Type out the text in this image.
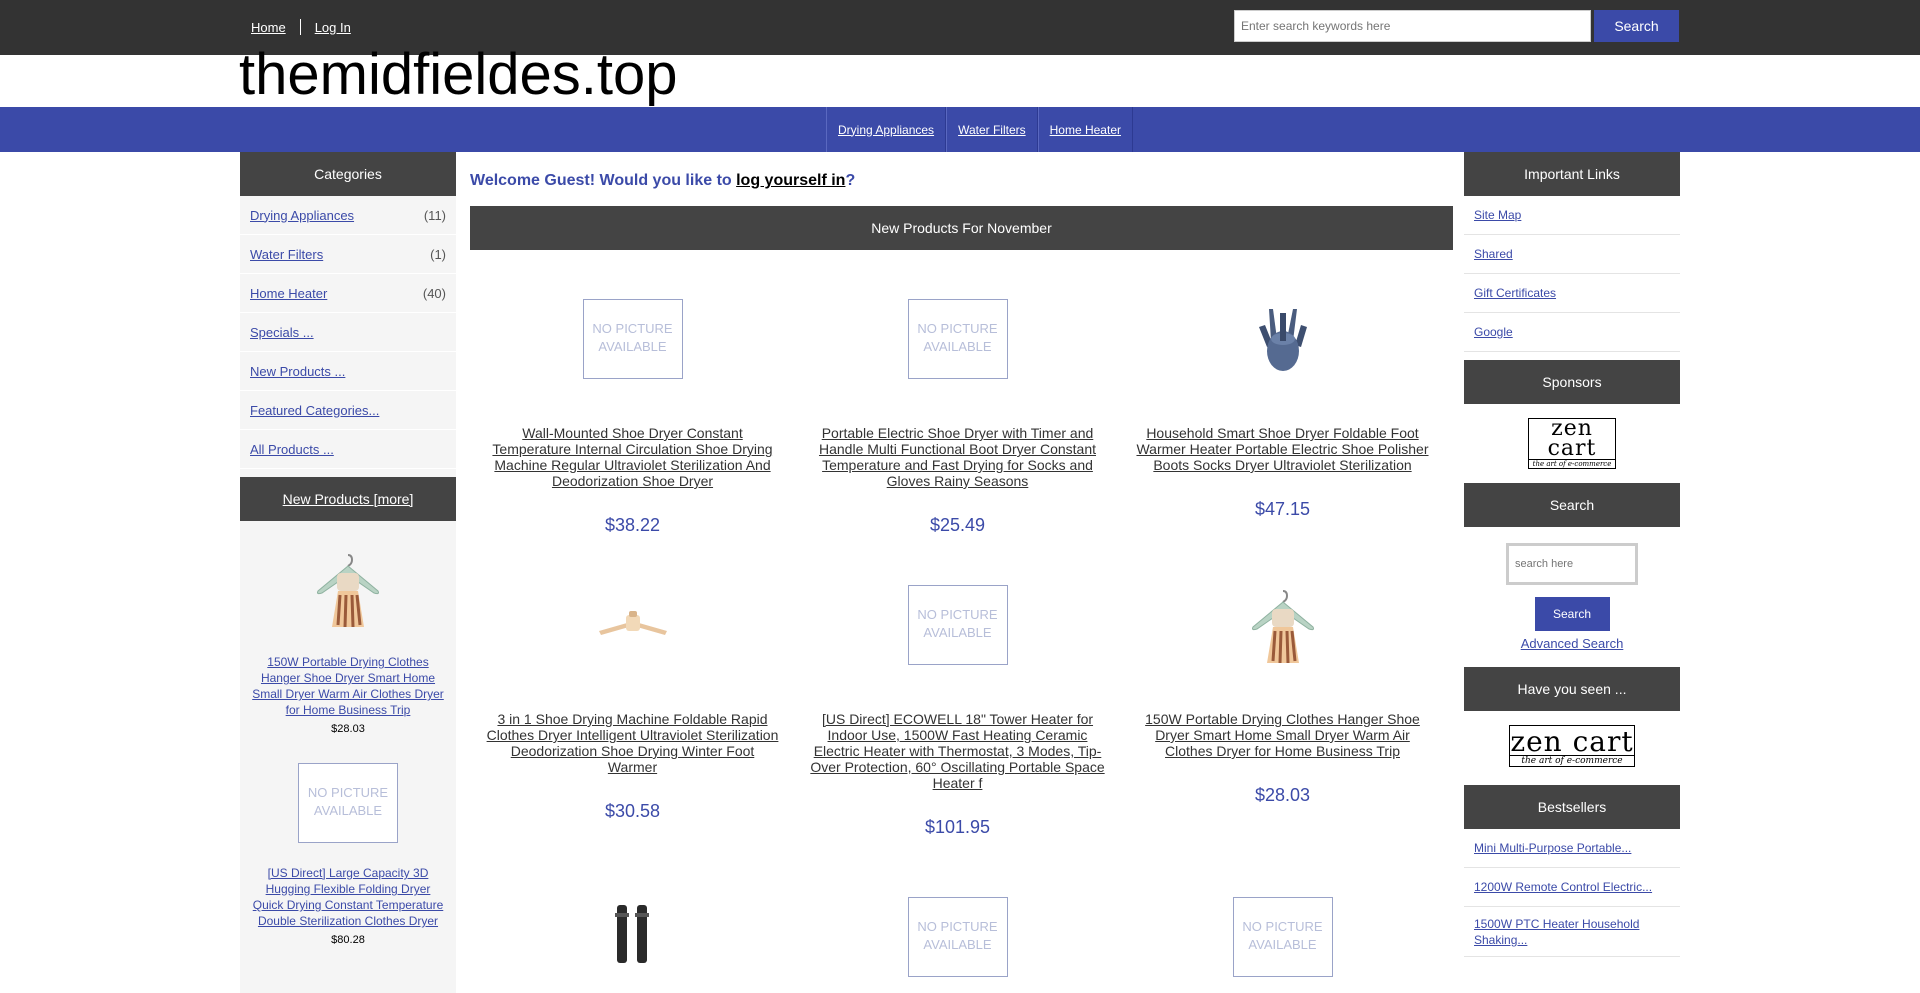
Home Log In
Enter search keywords here	Search
themidfieldes.top
Drying Appliances Water Filters Home Heater
Categories
Drying Appliances	(11)
Water Filters	(1)
Home Heater	(40)
Specials ...
New Products ...
Featured Categories...
All Products ...
New Products [more]
150W Portable Drying Clothes Hanger Shoe Dryer Smart Home Small Dryer Warm Air Clothes Dryer for Home Business Trip
$28.03
NO PICTURE AVAILABLE
[US Direct] Large Capacity 3D Hugging Flexible Folding Dryer Quick Drying Constant Temperature Double Sterilization Clothes Dryer
$80.28
Welcome Guest! Would you like to log yourself in?
New Products For November
NO PICTURE AVAILABLE
Wall-Mounted Shoe Dryer Constant Temperature Internal Circulation Shoe Drying Machine Regular Ultraviolet Sterilization And Deodorization Shoe Dryer
$38.22
NO PICTURE AVAILABLE
Portable Electric Shoe Dryer with Timer and Handle Multi Functional Boot Dryer Constant Temperature and Fast Drying for Socks and Gloves Rainy Seasons
$25.49
Household Smart Shoe Dryer Foldable Foot Warmer Heater Portable Electric Shoe Polisher Boots Socks Dryer Ultraviolet Sterilization
$47.15
3 in 1 Shoe Drying Machine Foldable Rapid Clothes Dryer Intelligent Ultraviolet Sterilization Deodorization Shoe Drying Winter Foot Warmer
$30.58
NO PICTURE AVAILABLE
[US Direct] ECOWELL 18" Tower Heater for Indoor Use, 1500W Fast Heating Ceramic Electric Heater with Thermostat, 3 Modes, Tip-Over Protection, 60° Oscillating Portable Space Heater f
$101.95
150W Portable Drying Clothes Hanger Shoe Dryer Smart Home Small Dryer Warm Air Clothes Dryer for Home Business Trip
$28.03
NO PICTURE AVAILABLE
NO PICTURE AVAILABLE
Important Links
Site Map
Shared
Gift Certificates
Google
Sponsors
zen cart
the art of e-commerce
Search
search here
Search
Advanced Search
Have you seen ...
zen cart
the art of e-commerce
Bestsellers
Mini Multi-Purpose Portable...
1200W Remote Control Electric...
1500W PTC Heater Household Shaking...
